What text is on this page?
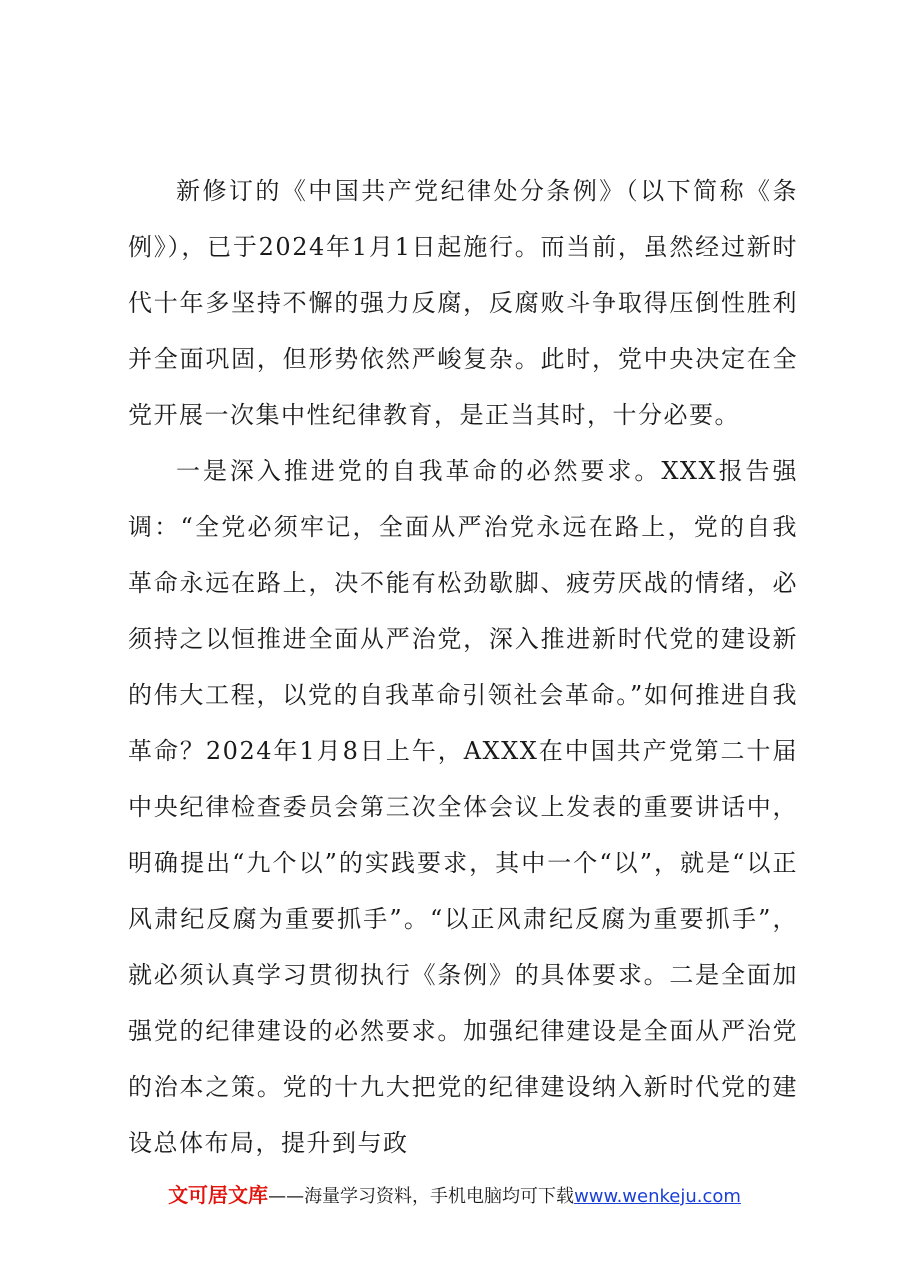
新修订的《中国共产党纪律处分条例》（以下简称《条例》），已于2024年1月1日起施行。而当前，虽然经过新时代十年多坚持不懈的强力反腐，反腐败斗争取得压倒性胜利并全面巩固，但形势依然严峻复杂。此时，党中央决定在全党开展一次集中性纪律教育，是正当其时，十分必要。

一是深入推进党的自我革命的必然要求。XXX报告强调：“全党必须牢记，全面从严治党永远在路上，党的自我革命永远在路上，决不能有松劲歇脚、疲劳厌战的情绪，必须持之以恒推进全面从严治党，深入推进新时代党的建设新的伟大工程，以党的自我革命引领社会革命。”如何推进自我革命？2024年1月8日上午，AXXX在中国共产党第二十届中央纪律检查委员会第三次全体会议上发表的重要讲话中，明确提出“九个以”的实践要求，其中一个“以”，就是“以正风肃纪反腐为重要抓手”。“以正风肃纪反腐为重要抓手”，就必须认真学习贯彻执行《条例》的具体要求。二是全面加强党的纪律建设的必然要求。加强纪律建设是全面从严治党的治本之策。党的十九大把党的纪律建设纳入新时代党的建设总体布局，提升到与政

文可居文库——海量学习资料，手机电脑均可下载www.wenkeju.com
